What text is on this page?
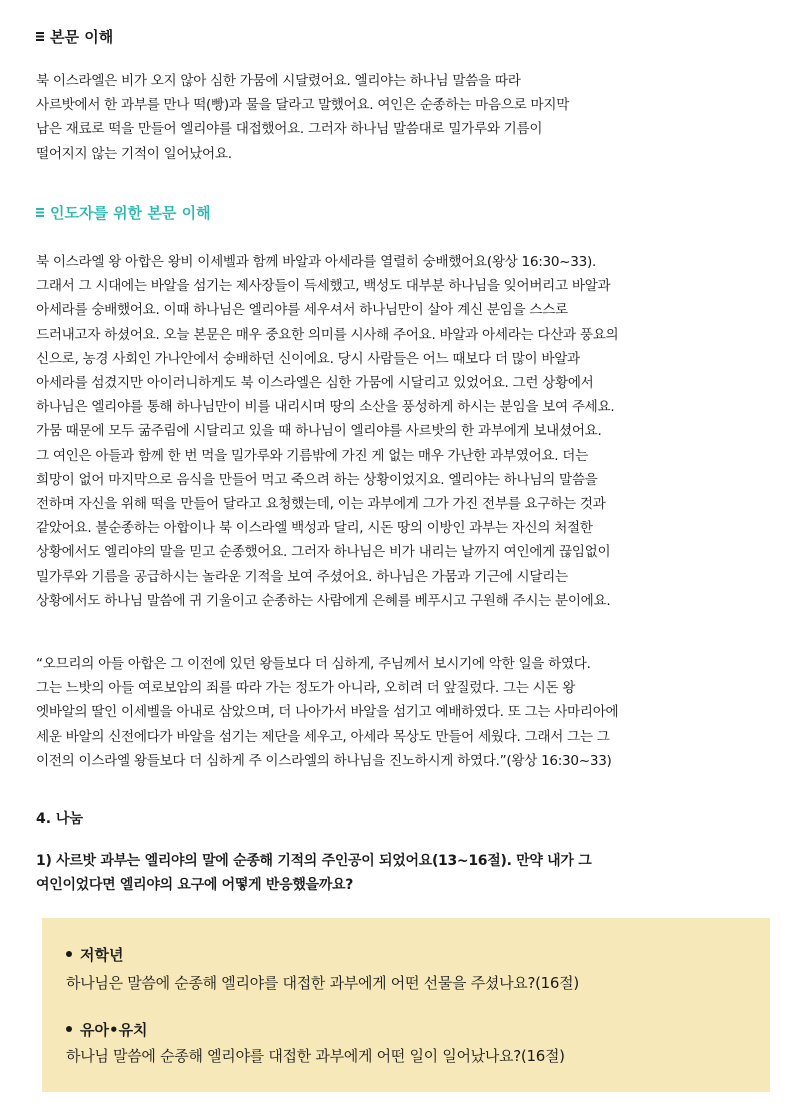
본문 이해
북 이스라엘은 비가 오지 않아 심한 가뭄에 시달렸어요. 엘리야는 하나님 말씀을 따라
사르밧에서 한 과부를 만나 떡(빵)과 물을 달라고 말했어요. 여인은 순종하는 마음으로 마지막
남은 재료로 떡을 만들어 엘리야를 대접했어요. 그러자 하나님 말씀대로 밀가루와 기름이
떨어지지 않는 기적이 일어났어요.
인도자를 위한 본문 이해
북 이스라엘 왕 아합은 왕비 이세벨과 함께 바알과 아세라를 열렬히 숭배했어요(왕상 16:30~33).
그래서 그 시대에는 바알을 섬기는 제사장들이 득세했고, 백성도 대부분 하나님을 잊어버리고 바알과
아세라를 숭배했어요. 이때 하나님은 엘리야를 세우셔서 하나님만이 살아 계신 분임을 스스로
드러내고자 하셨어요. 오늘 본문은 매우 중요한 의미를 시사해 주어요. 바알과 아세라는 다산과 풍요의
신으로, 농경 사회인 가나안에서 숭배하던 신이에요. 당시 사람들은 어느 때보다 더 많이 바알과
아세라를 섬겼지만 아이러니하게도 북 이스라엘은 심한 가뭄에 시달리고 있었어요. 그런 상황에서
하나님은 엘리야를 통해 하나님만이 비를 내리시며 땅의 소산을 풍성하게 하시는 분임을 보여 주세요.
가뭄 때문에 모두 굶주림에 시달리고 있을 때 하나님이 엘리야를 사르밧의 한 과부에게 보내셨어요.
그 여인은 아들과 함께 한 번 먹을 밀가루와 기름밖에 가진 게 없는 매우 가난한 과부였어요. 더는
희망이 없어 마지막으로 음식을 만들어 먹고 죽으려 하는 상황이었지요. 엘리야는 하나님의 말씀을
전하며 자신을 위해 떡을 만들어 달라고 요청했는데, 이는 과부에게 그가 가진 전부를 요구하는 것과
같았어요. 불순종하는 아합이나 북 이스라엘 백성과 달리, 시돈 땅의 이방인 과부는 자신의 처절한
상황에서도 엘리야의 말을 믿고 순종했어요. 그러자 하나님은 비가 내리는 날까지 여인에게 끊임없이
밀가루와 기름을 공급하시는 놀라운 기적을 보여 주셨어요. 하나님은 가뭄과 기근에 시달리는
상황에서도 하나님 말씀에 귀 기울이고 순종하는 사람에게 은혜를 베푸시고 구원해 주시는 분이에요.
“오므리의 아들 아합은 그 이전에 있던 왕들보다 더 심하게, 주님께서 보시기에 악한 일을 하였다.
그는 느밧의 아들 여로보암의 죄를 따라 가는 정도가 아니라, 오히려 더 앞질렀다. 그는 시돈 왕
엣바알의 딸인 이세벨을 아내로 삼았으며, 더 나아가서 바알을 섬기고 예배하였다. 또 그는 사마리아에
세운 바알의 신전에다가 바알을 섬기는 제단을 세우고, 아세라 목상도 만들어 세웠다. 그래서 그는 그
이전의 이스라엘 왕들보다 더 심하게 주 이스라엘의 하나님을 진노하시게 하였다.”(왕상 16:30~33)
4. 나눔
1) 사르밧 과부는 엘리야의 말에 순종해 기적의 주인공이 되었어요(13~16절). 만약 내가 그
여인이었다면 엘리야의 요구에 어떻게 반응했을까요?
저학년
하나님은 말씀에 순종해 엘리야를 대접한 과부에게 어떤 선물을 주셨나요?(16절)
유아•유치
하나님 말씀에 순종해 엘리야를 대접한 과부에게 어떤 일이 일어났나요?(16절)
